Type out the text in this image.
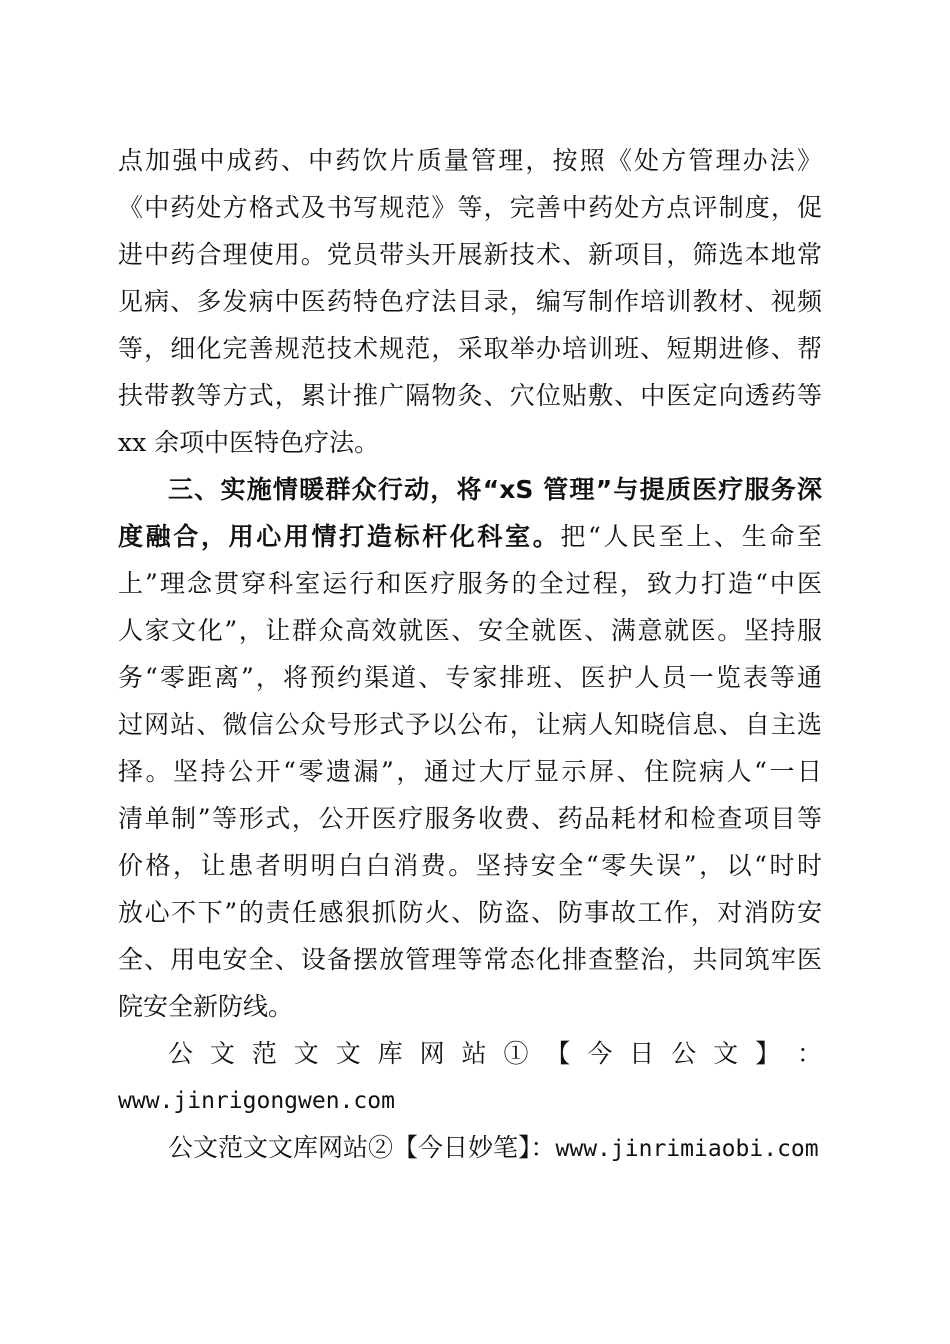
点加强中成药、中药饮片质量管理，按照《处方管理办法》
《中药处方格式及书写规范》等，完善中药处方点评制度，促
进中药合理使用。党员带头开展新技术、新项目，筛选本地常
见病、多发病中医药特色疗法目录，编写制作培训教材、视频
等，细化完善规范技术规范，采取举办培训班、短期进修、帮
扶带教等方式，累计推广隔物灸、穴位贴敷、中医定向透药等
xx 余项中医特色疗法。
三、实施情暖群众行动，将“xS 管理”与提质医疗服务深
度融合，用心用情打造标杆化科室。把“人民至上、生命至
上”理念贯穿科室运行和医疗服务的全过程，致力打造“中医
人家文化”，让群众高效就医、安全就医、满意就医。坚持服
务“零距离”，将预约渠道、专家排班、医护人员一览表等通
过网站、微信公众号形式予以公布，让病人知晓信息、自主选
择。坚持公开“零遗漏”，通过大厅显示屏、住院病人“一日
清单制”等形式，公开医疗服务收费、药品耗材和检查项目等
价格，让患者明明白白消费。坚持安全“零失误”，以“时时
放心不下”的责任感狠抓防火、防盗、防事故工作，对消防安
全、用电安全、设备摆放管理等常态化排查整治，共同筑牢医
院安全新防线。
公 文 范 文 文 库 网 站 ① 【 今 日 公 文 】 ：
www.jinrigongwen.com
公文范文文库网站②【今日妙笔】：www.jinrimiaobi.com
